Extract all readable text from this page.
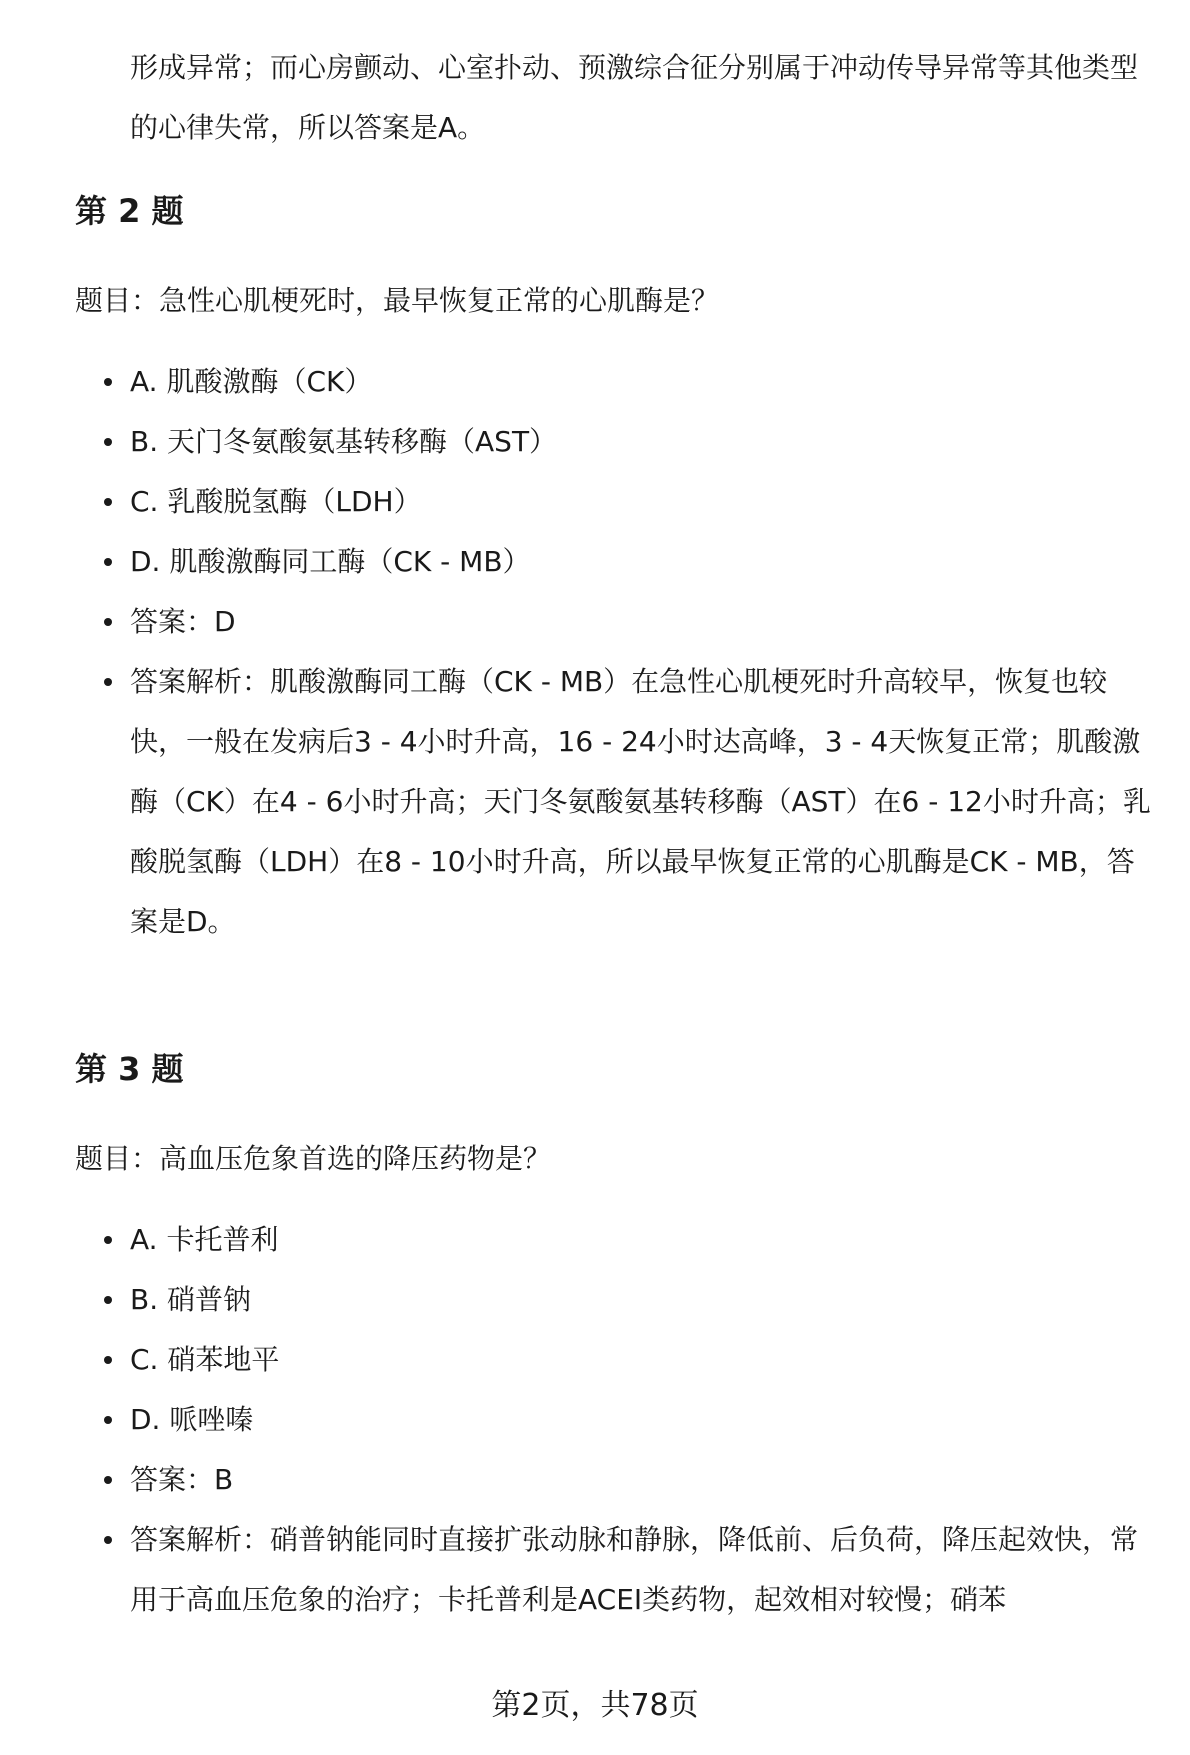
形成异常；而心房颤动、心室扑动、预激综合征分别属于冲动传导异常等其他类型的心律失常，所以答案是A。

第 2 题

题目：急性心肌梗死时，最早恢复正常的心肌酶是？

A. 肌酸激酶（CK）
B. 天门冬氨酸氨基转移酶（AST）
C. 乳酸脱氢酶（LDH）
D. 肌酸激酶同工酶（CK - MB）
答案：D
答案解析：肌酸激酶同工酶（CK - MB）在急性心肌梗死时升高较早，恢复也较快，一般在发病后3 - 4小时升高，16 - 24小时达高峰，3 - 4天恢复正常；肌酸激酶（CK）在4 - 6小时升高；天门冬氨酸氨基转移酶（AST）在6 - 12小时升高；乳酸脱氢酶（LDH）在8 - 10小时升高，所以最早恢复正常的心肌酶是CK - MB，答案是D。
第 3 题

题目：高血压危象首选的降压药物是？

A. 卡托普利
B. 硝普钠
C. 硝苯地平
D. 哌唑嗪
答案：B
答案解析：硝普钠能同时直接扩张动脉和静脉，降低前、后负荷，降压起效快，常用于高血压危象的治疗；卡托普利是ACEI类药物，起效相对较慢；硝苯
第2页，共78页
